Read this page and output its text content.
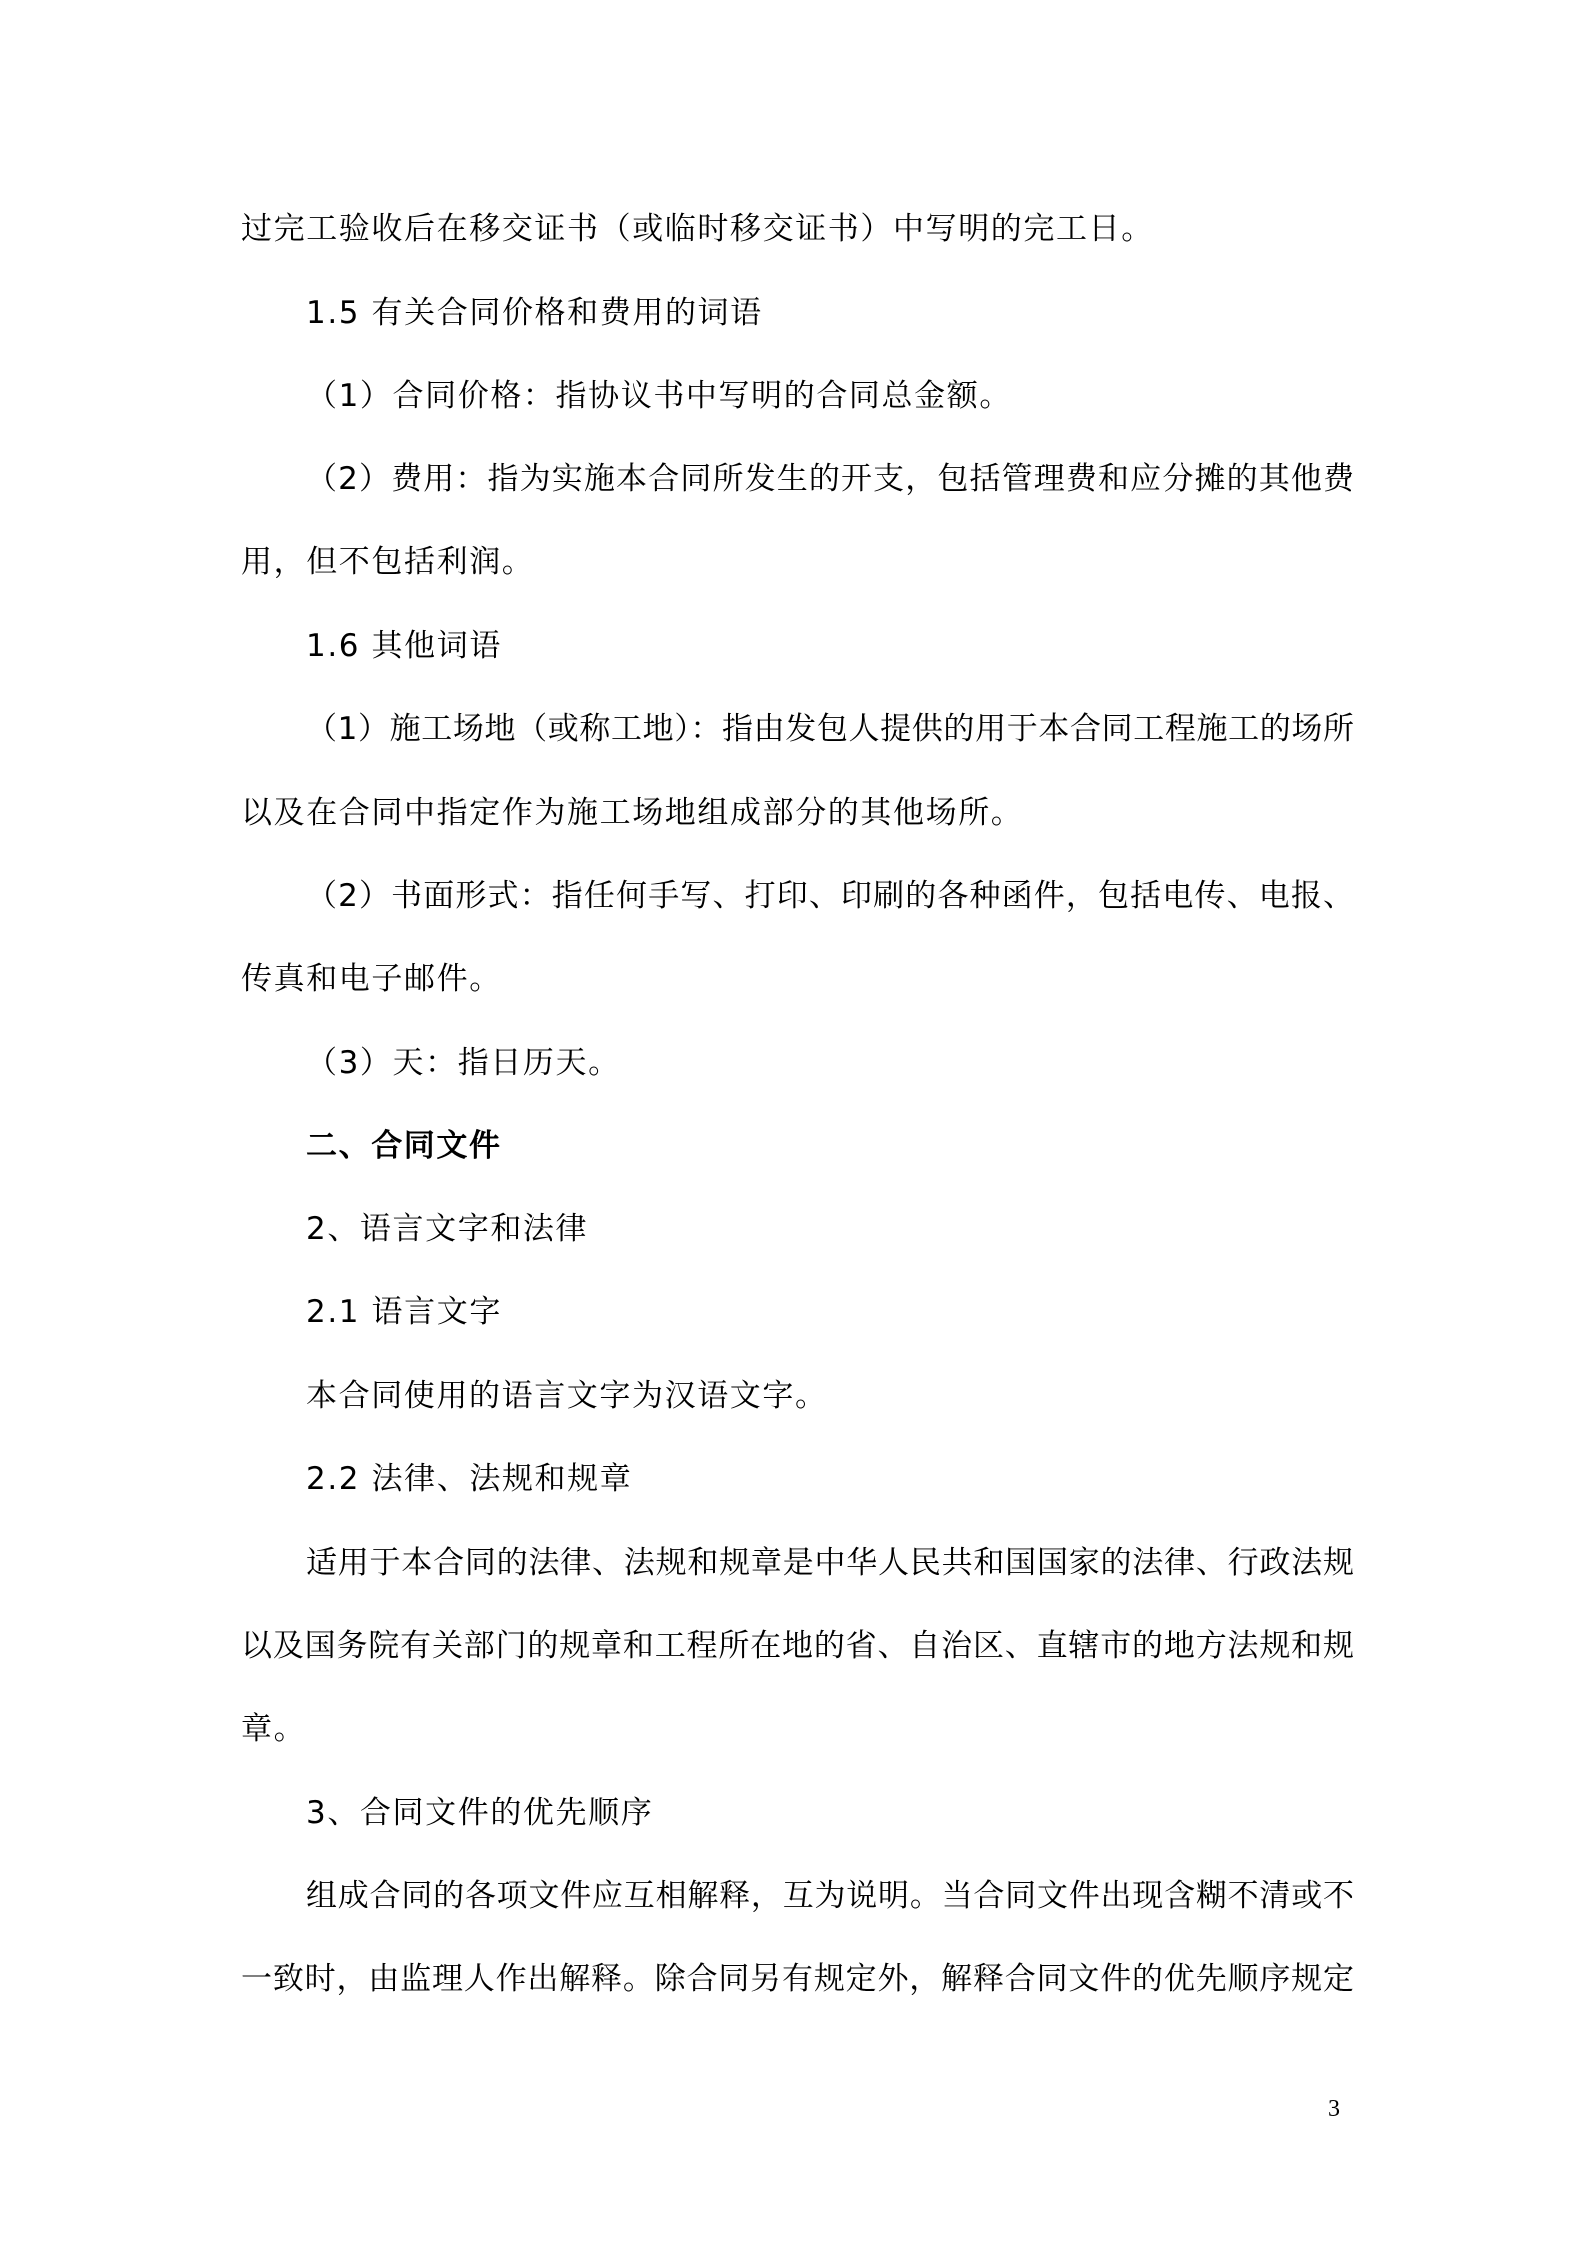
过完工验收后在移交证书（或临时移交证书）中写明的完工日。
1.5 有关合同价格和费用的词语
（1）合同价格：指协议书中写明的合同总金额。
（2）费用：指为实施本合同所发生的开支，包括管理费和应分摊的其他费
用，但不包括利润。
1.6 其他词语
（1）施工场地（或称工地）：指由发包人提供的用于本合同工程施工的场所
以及在合同中指定作为施工场地组成部分的其他场所。
（2）书面形式：指任何手写、打印、印刷的各种函件，包括电传、电报、
传真和电子邮件。
（3）天：指日历天。
二、合同文件
2、语言文字和法律
2.1 语言文字
本合同使用的语言文字为汉语文字。
2.2 法律、法规和规章
适用于本合同的法律、法规和规章是中华人民共和国国家的法律、行政法规
以及国务院有关部门的规章和工程所在地的省、自治区、直辖市的地方法规和规
章。
3、合同文件的优先顺序
组成合同的各项文件应互相解释，互为说明。当合同文件出现含糊不清或不
一致时，由监理人作出解释。除合同另有规定外，解释合同文件的优先顺序规定
3
